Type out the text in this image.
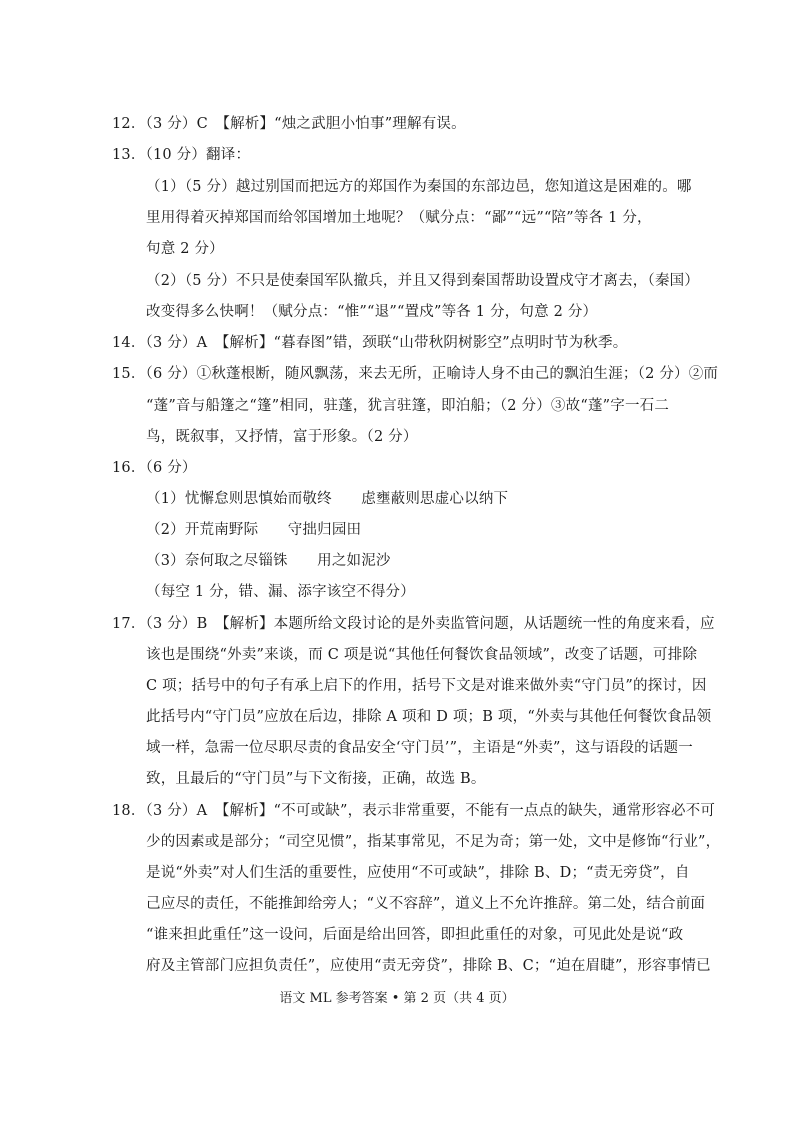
12．（3 分）C　【解析】“烛之武胆小怕事”理解有误。
13．（10 分）翻译：
（1）（5 分）越过别国而把远方的郑国作为秦国的东部边邑，您知道这是困难的。哪
里用得着灭掉郑国而给邻国增加土地呢？（赋分点：“鄙”“远”“陪”等各 1 分，
句意 2 分）
（2）（5 分）不只是使秦国军队撤兵，并且又得到秦国帮助设置戍守才离去，（秦国）
改变得多么快啊！（赋分点：“惟”“退”“置戍”等各 1 分，句意 2 分）
14．（3 分）A　【解析】“暮春图”错，颈联“山带秋阴树影空”点明时节为秋季。
15．（6 分）①秋蓬根断，随风飘荡，来去无所，正喻诗人身不由己的飘泊生涯；（2 分）②而
“蓬”音与船篷之“篷”相同，驻蓬，犹言驻篷，即泊船；（2 分）③故“蓬”字一石二
鸟，既叙事，又抒情，富于形象。（2 分）
16．（6 分）
（1）忧懈怠则思慎始而敬终　　虑壅蔽则思虚心以纳下
（2）开荒南野际　　守拙归园田
（3）奈何取之尽锱铢　　用之如泥沙
（每空 1 分，错、漏、添字该空不得分）
17．（3 分）B　【解析】本题所给文段讨论的是外卖监管问题，从话题统一性的角度来看，应
该也是围绕“外卖”来谈，而 C 项是说“其他任何餐饮食品领域”，改变了话题，可排除
C 项；括号中的句子有承上启下的作用，括号下文是对谁来做外卖“守门员”的探讨，因
此括号内“守门员”应放在后边，排除 A 项和 D 项；B 项，“外卖与其他任何餐饮食品领
域一样，急需一位尽职尽责的食品安全‘守门员’”，主语是“外卖”，这与语段的话题一
致，且最后的“守门员”与下文衔接，正确，故选 B。
18．（3 分）A　【解析】“不可或缺”，表示非常重要，不能有一点点的缺失，通常形容必不可
少的因素或是部分；“司空见惯”，指某事常见，不足为奇；第一处，文中是修饰“行业”，
是说“外卖”对人们生活的重要性，应使用“不可或缺”，排除 B、D；“责无旁贷”，自
己应尽的责任，不能推卸给旁人；“义不容辞”，道义上不允许推辞。第二处，结合前面
“谁来担此重任”这一设问，后面是给出回答，即担此重任的对象，可见此处是说“政
府及主管部门应担负责任”，应使用“责无旁贷”，排除 B、C；“迫在眉睫”，形容事情已
语文 ML 参考答案 • 第 2 页（共 4 页）
